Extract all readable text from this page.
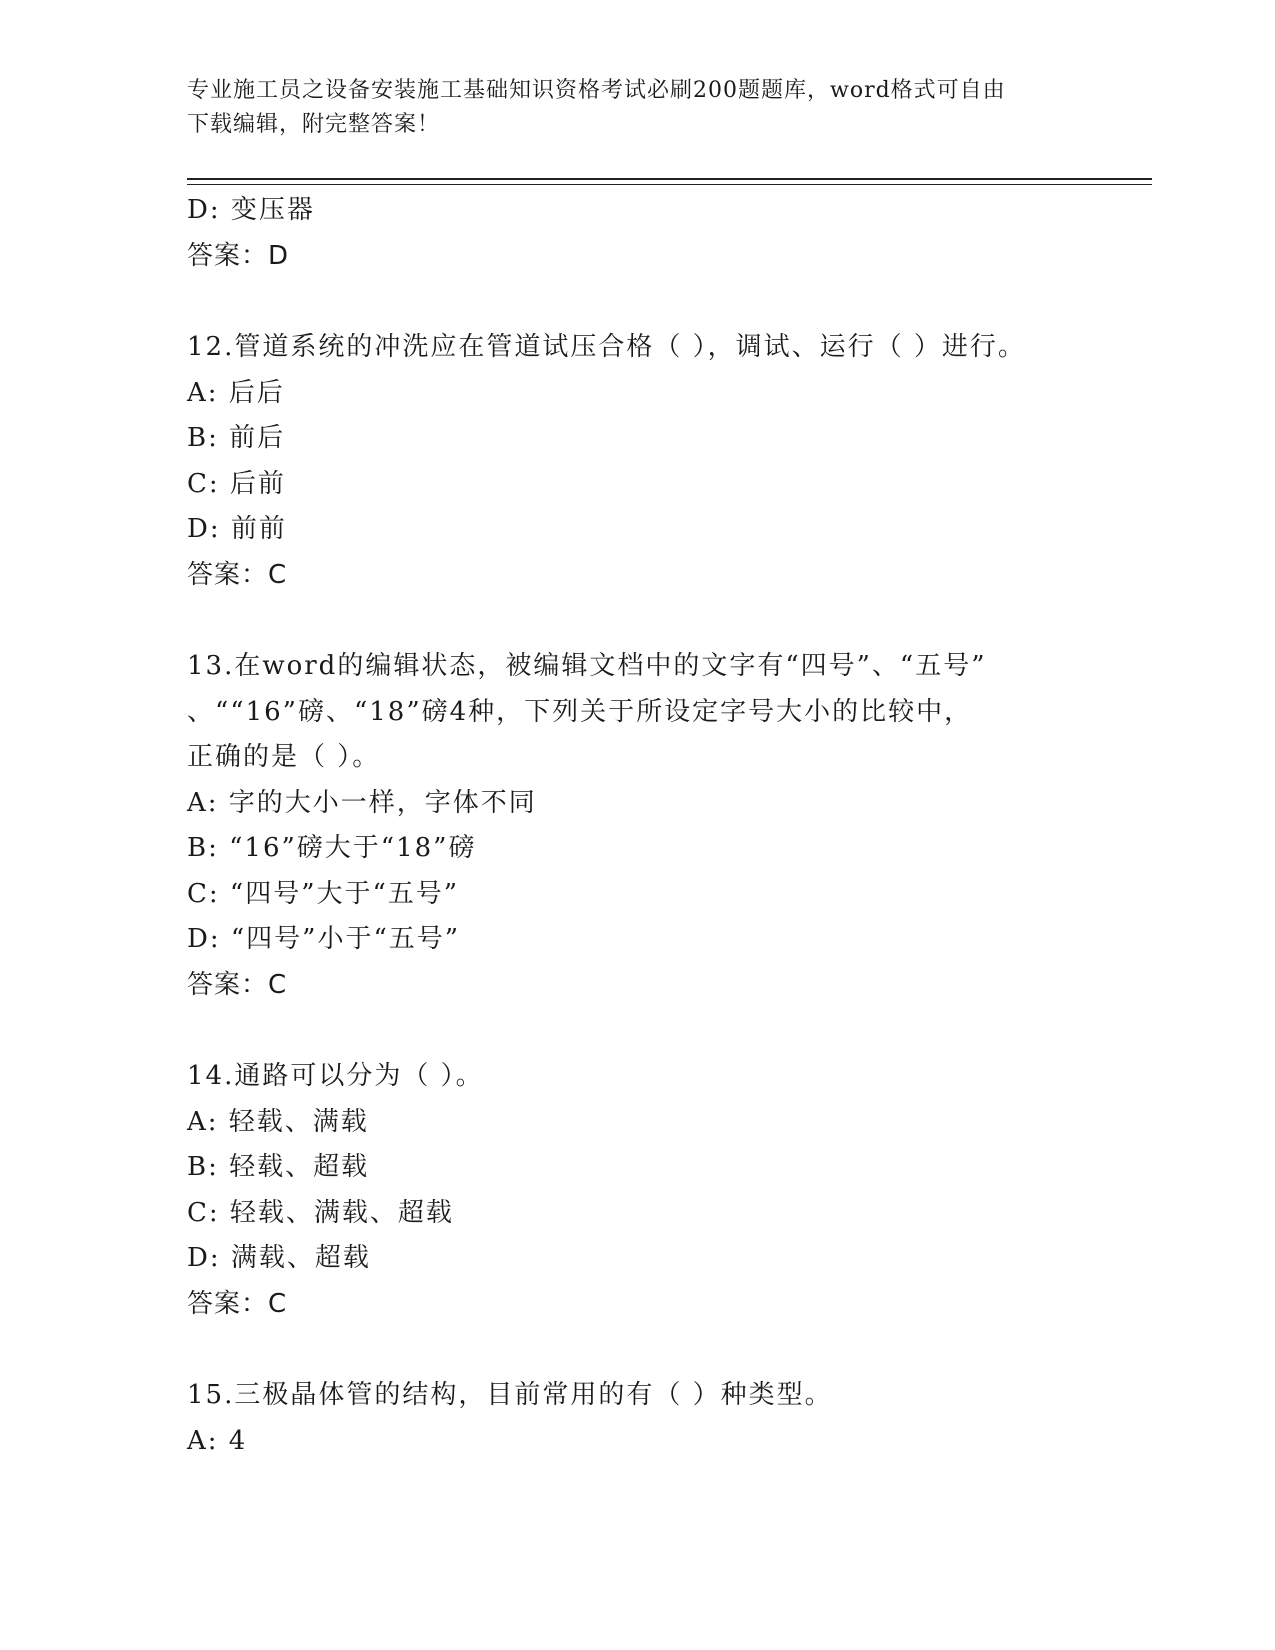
专业施工员之设备安装施工基础知识资格考试必刷200题题库，word格式可自由
下载编辑，附完整答案！
D: 变压器
答案：D
12.管道系统的冲洗应在管道试压合格（ ），调试、运行（ ）进行。
A: 后后
B: 前后
C: 后前
D: 前前
答案：C
13.在word的编辑状态，被编辑文档中的文字有“四号”、“五号”
、““16”磅、“18”磅4种，下列关于所设定字号大小的比较中，
正确的是（ ）。
A: 字的大小一样，字体不同
B: “16”磅大于“18”磅
C: “四号”大于“五号”
D: “四号”小于“五号”
答案：C
14.通路可以分为（ ）。
A: 轻载、满载
B: 轻载、超载
C: 轻载、满载、超载
D: 满载、超载
答案：C
15.三极晶体管的结构，目前常用的有（ ）种类型。
A: 4
